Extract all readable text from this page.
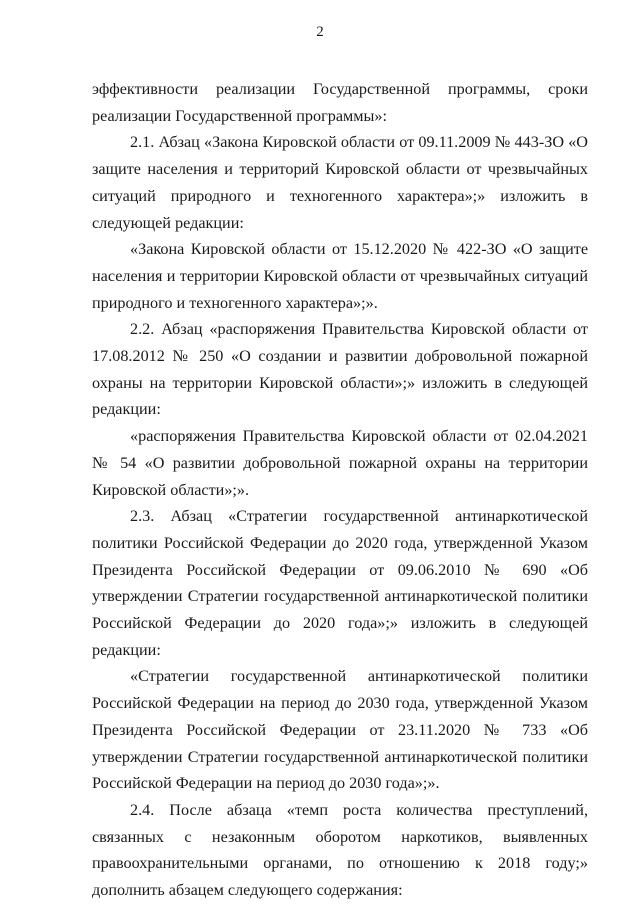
2

эффективности реализации Государственной программы, сроки реализации Государственной программы»:

2.1. Абзац «Закона Кировской области от 09.11.2009 № 443-ЗО «О защите населения и территорий Кировской области от чрезвычайных ситуаций природного и техногенного характера»;» изложить в следующей редакции:

«Закона Кировской области от 15.12.2020 № 422-ЗО «О защите населения и территории Кировской области от чрезвычайных ситуаций природного и техногенного характера»;».

2.2. Абзац «распоряжения Правительства Кировской области от 17.08.2012 № 250 «О создании и развитии добровольной пожарной охраны на территории Кировской области»;» изложить в следующей редакции:

«распоряжения Правительства Кировской области от 02.04.2021 № 54 «О развитии добровольной пожарной охраны на территории Кировской области»;».

2.3. Абзац «Стратегии государственной антинаркотической политики Российской Федерации до 2020 года, утвержденной Указом Президента Российской Федерации от 09.06.2010 № 690 «Об утверждении Стратегии государственной антинаркотической политики Российской Федерации до 2020 года»;» изложить в следующей редакции:

«Стратегии государственной антинаркотической политики Российской Федерации на период до 2030 года, утвержденной Указом Президента Российской Федерации от 23.11.2020 № 733 «Об утверждении Стратегии государственной антинаркотической политики Российской Федерации на период до 2030 года»;».

2.4. После абзаца «темп роста количества преступлений, связанных с незаконным оборотом наркотиков, выявленных правоохранительными органами, по отношению к 2018 году;» дополнить абзацем следующего содержания:
